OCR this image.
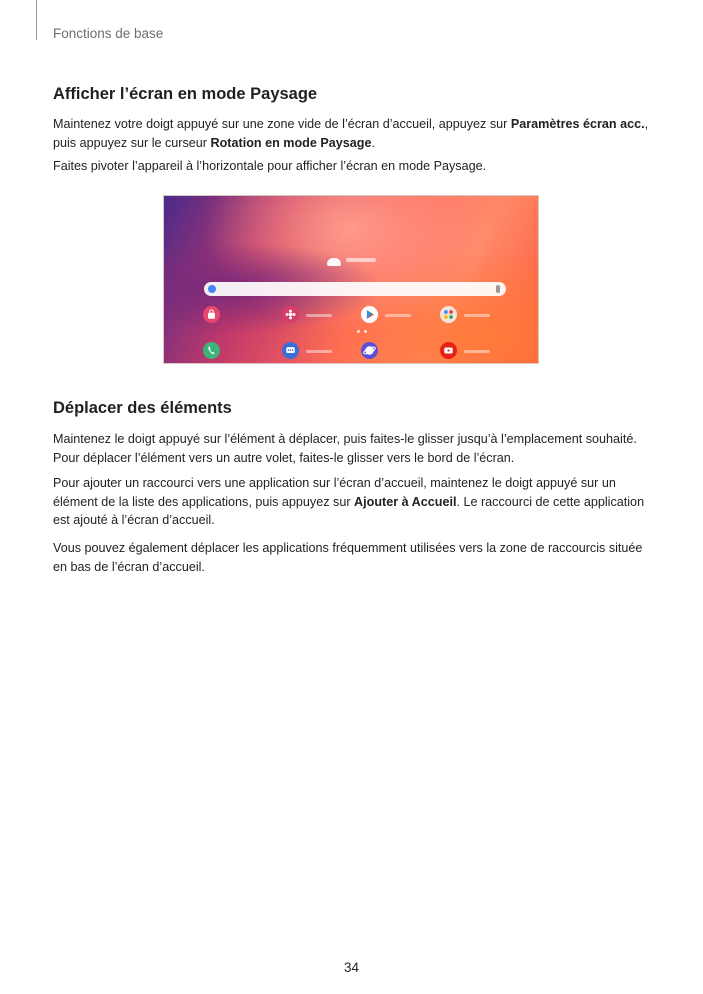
Fonctions de base
Afficher l’écran en mode Paysage

Maintenez votre doigt appuyé sur une zone vide de l’écran d’accueil, appuyez sur Paramètres écran acc., puis appuyez sur le curseur Rotation en mode Paysage.

Faites pivoter l’appareil à l’horizontale pour afficher l’écran en mode Paysage.

Déplacer des éléments

Maintenez le doigt appuyé sur l’élément à déplacer, puis faites-le glisser jusqu’à l’emplacement souhaité. Pour déplacer l’élément vers un autre volet, faites-le glisser vers le bord de l’écran.

Pour ajouter un raccourci vers une application sur l’écran d’accueil, maintenez le doigt appuyé sur un élément de la liste des applications, puis appuyez sur Ajouter à Accueil. Le raccourci de cette application est ajouté à l’écran d’accueil.

Vous pouvez également déplacer les applications fréquemment utilisées vers la zone de raccourcis située en bas de l’écran d’accueil.

34
